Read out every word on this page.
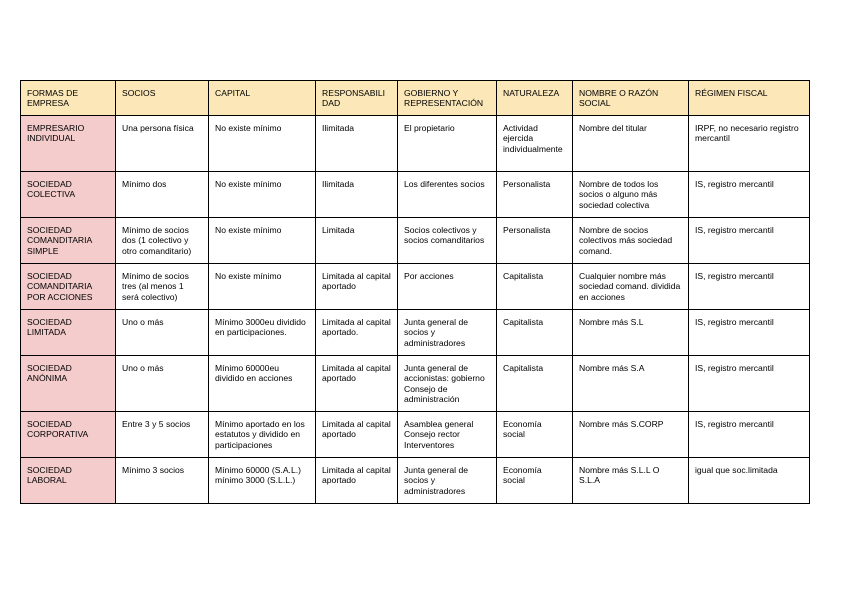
FORMAS DE EMPRESA	SOCIOS	CAPITAL	RESPONSABILIDAD	GOBIERNO Y REPRESENTACIÓN	NATURALEZA	NOMBRE O RAZÓN SOCIAL	RÉGIMEN FISCAL
EMPRESARIO INDIVIDUAL	Una persona física	No existe mínimo	Ilimitada	El propietario	Actividad ejercida individualmente	Nombre del titular	IRPF, no necesario registro mercantil
SOCIEDAD COLECTIVA	Mínimo dos	No existe mínimo	Ilimitada	Los diferentes socios	Personalista	Nombre de todos los socios o alguno más sociedad colectiva	IS, registro mercantil
SOCIEDAD COMANDITARIA SIMPLE	Mínimo de socios dos (1 colectivo y otro comanditario)	No existe mínimo	Limitada	Socios colectivos y socios comanditarios	Personalista	Nombre de socios colectivos más sociedad comand.	IS, registro mercantil
SOCIEDAD COMANDITARIA POR ACCIONES	Mínimo de socios tres (al menos 1 será colectivo)	No existe mínimo	Limitada al capital aportado	Por acciones	Capitalista	Cualquier nombre más sociedad comand. dividida en acciones	IS, registro mercantil
SOCIEDAD LIMITADA	Uno o más	Mínimo 3000eu dividido en participaciones.	Limitada al capital aportado.	Junta general de socios y administradores	Capitalista	Nombre más S.L	IS, registro mercantil
SOCIEDAD ANÓNIMA	Uno o más	Mínimo 60000eu dividido en acciones	Limitada al capital aportado	Junta general de accionistas: gobierno Consejo de administración	Capitalista	Nombre más S.A	IS, registro mercantil
SOCIEDAD CORPORATIVA	Entre 3 y 5 socios	Mínimo aportado en los estatutos y dividido en participaciones	Limitada al capital aportado	Asamblea general Consejo rector Interventores	Economía social	Nombre más S.CORP	IS, registro mercantil
SOCIEDAD LABORAL	Mínimo 3 socios	Mínimo 60000 (S.A.L.) mínimo 3000 (S.L.L.)	Limitada al capital aportado	Junta general de socios y administradores	Economía social	Nombre más S.L.L O S.L.A	igual que soc.limitada
